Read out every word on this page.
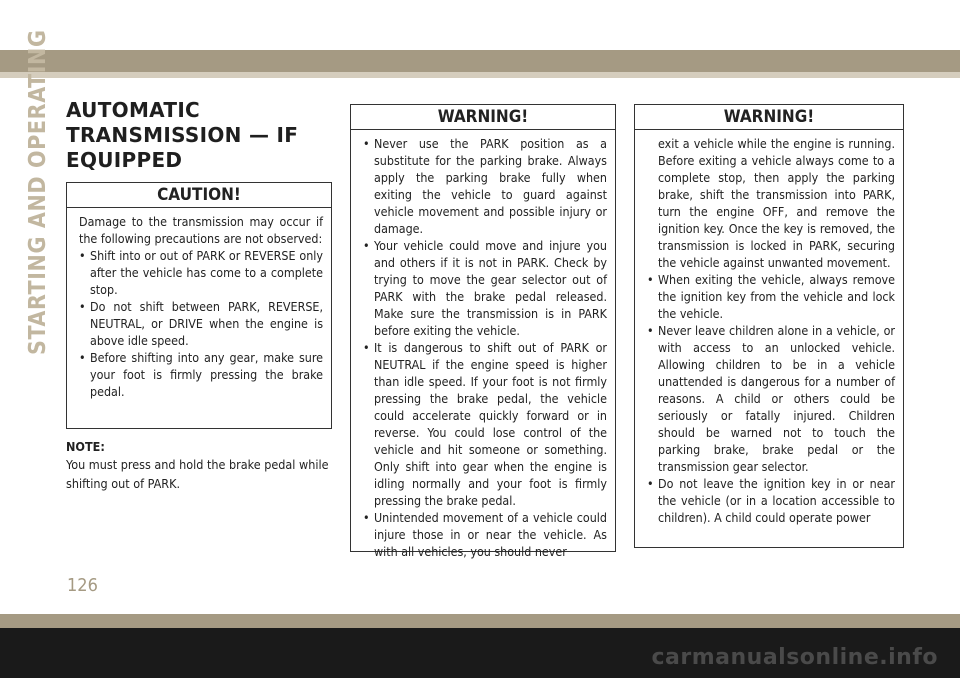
STARTING AND OPERATING AUTOMATIC
TRANSMISSION — IF
EQUIPPED
CAUTION!

Damage to the transmission may occur if the following precautions are not observed:

• Shift into or out of PARK or REVERSE only after the vehicle has come to a complete stop.
• Do not shift between PARK, REVERSE, NEUTRAL, or DRIVE when the engine is above idle speed.
• Before shifting into any gear, make sure your foot is firmly pressing the brake pedal.
NOTE:
You must press and hold the brake pedal while shifting out of PARK.
WARNING!
• Never use the PARK position as a substitute for the parking brake. Always apply the parking brake fully when exiting the vehicle to guard against vehicle movement and possible injury or damage.
• Your vehicle could move and injure you and others if it is not in PARK. Check by trying to move the gear selector out of PARK with the brake pedal released. Make sure the transmission is in PARK before exiting the vehicle.
• It is dangerous to shift out of PARK or NEUTRAL if the engine speed is higher than idle speed. If your foot is not firmly pressing the brake pedal, the vehicle could accelerate quickly forward or in reverse. You could lose control of the vehicle and hit someone or something. Only shift into gear when the engine is idling normally and your foot is firmly pressing the brake pedal.
• Unintended movement of a vehicle could injure those in or near the vehicle. As with all vehicles, you should never
WARNING!

exit a vehicle while the engine is running. Before exiting a vehicle always come to a complete stop, then apply the parking brake, shift the transmission into PARK, turn the engine OFF, and remove the ignition key. Once the key is removed, the transmission is locked in PARK, securing the vehicle against unwanted movement.

• When exiting the vehicle, always remove the ignition key from the vehicle and lock the vehicle.
• Never leave children alone in a vehicle, or with access to an unlocked vehicle. Allowing children to be in a vehicle unattended is dangerous for a number of reasons. A child or others could be seriously or fatally injured. Children should be warned not to touch the parking brake, brake pedal or the transmission gear selector.
• Do not leave the ignition key in or near the vehicle (or in a location accessible to children). A child could operate power
126
carmanualsonline.info
